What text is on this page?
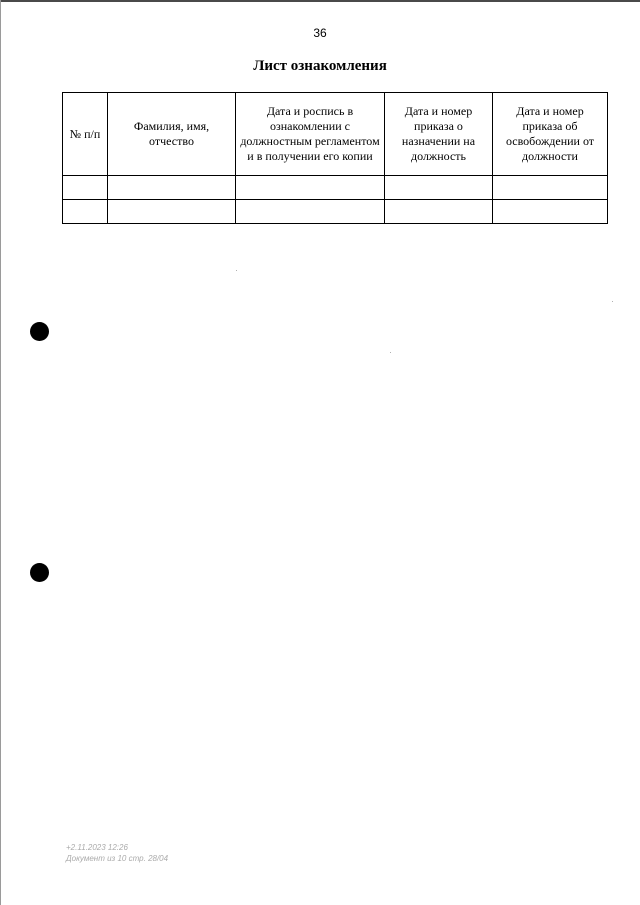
36
Лист ознакомления
№ п/п	Фамилия, имя, отчество	Дата и роспись в ознакомлении с должностным регламентом и в получении его копии	Дата и номер приказа о назначении на должность	Дата и номер приказа об освобождении от должности

+2.11.2023 12:26
Документ из 10 стр. 28/04
